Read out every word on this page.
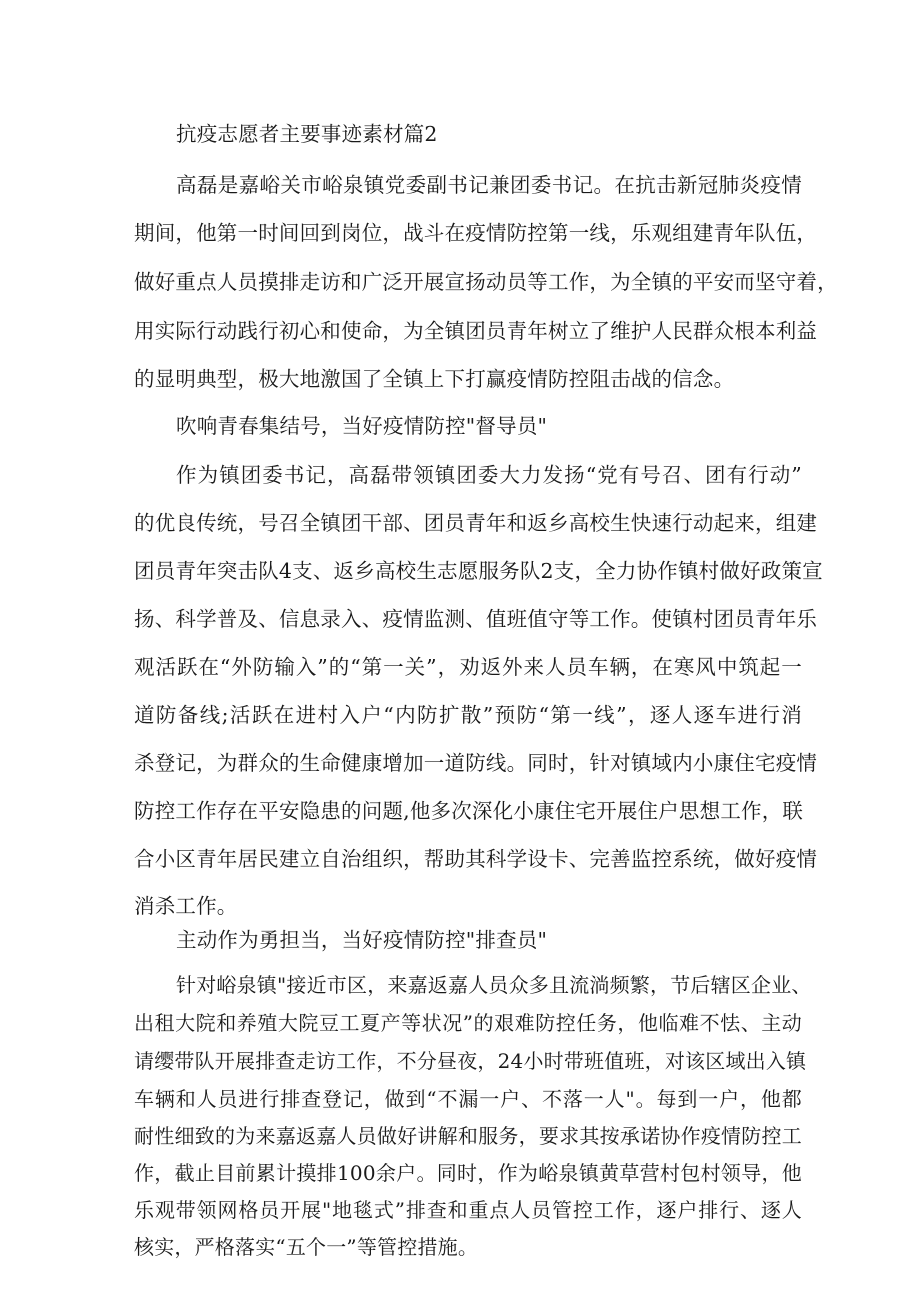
抗疫志愿者主要事迹素材篇2
高磊是嘉峪关市峪泉镇党委副书记兼团委书记。在抗击新冠肺炎疫情
期间，他第一时间回到岗位，战斗在疫情防控第一线，乐观组建青年队伍，
做好重点人员摸排走访和广泛开展宣扬动员等工作，为全镇的平安而坚守着，
用实际行动践行初心和使命，为全镇团员青年树立了维护人民群众根本利益
的显明典型，极大地激国了全镇上下打赢疫情防控阻击战的信念。
吹响青春集结号，当好疫情防控"督导员"
作为镇团委书记，高磊带领镇团委大力发扬“党有号召、团有行动”
的优良传统，号召全镇团干部、团员青年和返乡高校生快速行动起来，组建
团员青年突击队4支、返乡高校生志愿服务队2支，全力协作镇村做好政策宣
扬、科学普及、信息录入、疫情监测、值班值守等工作。使镇村团员青年乐
观活跃在“外防输入”的“第一关”，劝返外来人员车辆，在寒风中筑起一
道防备线;活跃在进村入户“内防扩散”预防“第一线”，逐人逐车进行消
杀登记，为群众的生命健康增加一道防线。同时，针对镇域内小康住宅疫情
防控工作存在平安隐患的问题,他多次深化小康住宅开展住户思想工作，联
合小区青年居民建立自治组织，帮助其科学设卡、完善监控系统，做好疫情
消杀工作。
主动作为勇担当，当好疫情防控"排查员"
针对峪泉镇"接近市区，来嘉返嘉人员众多且流淌频繁，节后辖区企业、
出租大院和养殖大院豆工夏产等状况”的艰难防控任务，他临难不怯、主动
请缨带队开展排查走访工作，不分昼夜，24小时带班值班，对该区域出入镇
车辆和人员进行排查登记，做到“不漏一户、不落一人"。每到一户，他都
耐性细致的为来嘉返嘉人员做好讲解和服务，要求其按承诺协作疫情防控工
作，截止目前累计摸排100余户。同时，作为峪泉镇黄草营村包村领导，他
乐观带领网格员开展"地毯式”排查和重点人员管控工作，逐户排行、逐人
核实，严格落实“五个一”等管控措施。
